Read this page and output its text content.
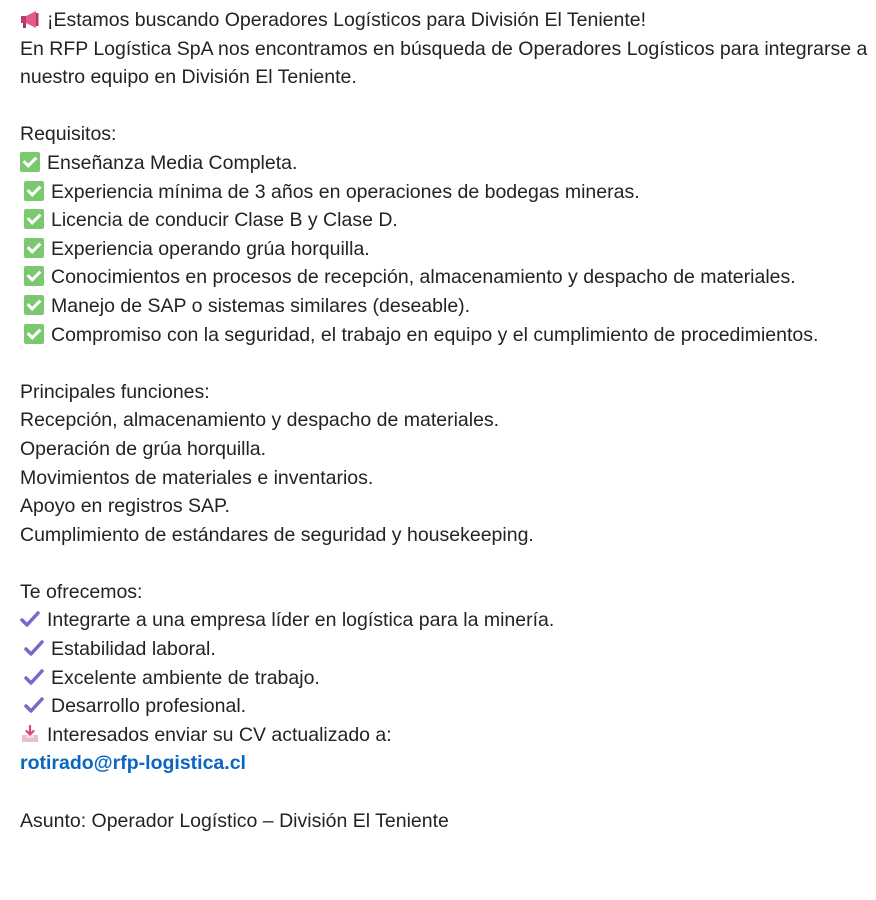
¡Estamos buscando Operadores Logísticos para División El Teniente!
En RFP Logística SpA nos encontramos en búsqueda de Operadores Logísticos para integrarse a nuestro equipo en División El Teniente.
Requisitos:
Enseñanza Media Completa.
Experiencia mínima de 3 años en operaciones de bodegas mineras.
Licencia de conducir Clase B y Clase D.
Experiencia operando grúa horquilla.
Conocimientos en procesos de recepción, almacenamiento y despacho de materiales.
Manejo de SAP o sistemas similares (deseable).
Compromiso con la seguridad, el trabajo en equipo y el cumplimiento de procedimientos.
Principales funciones:
Recepción, almacenamiento y despacho de materiales.
Operación de grúa horquilla.
Movimientos de materiales e inventarios.
Apoyo en registros SAP.
Cumplimiento de estándares de seguridad y housekeeping.
Te ofrecemos:
Integrarte a una empresa líder en logística para la minería.
Estabilidad laboral.
Excelente ambiente de trabajo.
Desarrollo profesional.
Interesados enviar su CV actualizado a:
rotirado@rfp-logistica.cl
Asunto: Operador Logístico – División El Teniente
